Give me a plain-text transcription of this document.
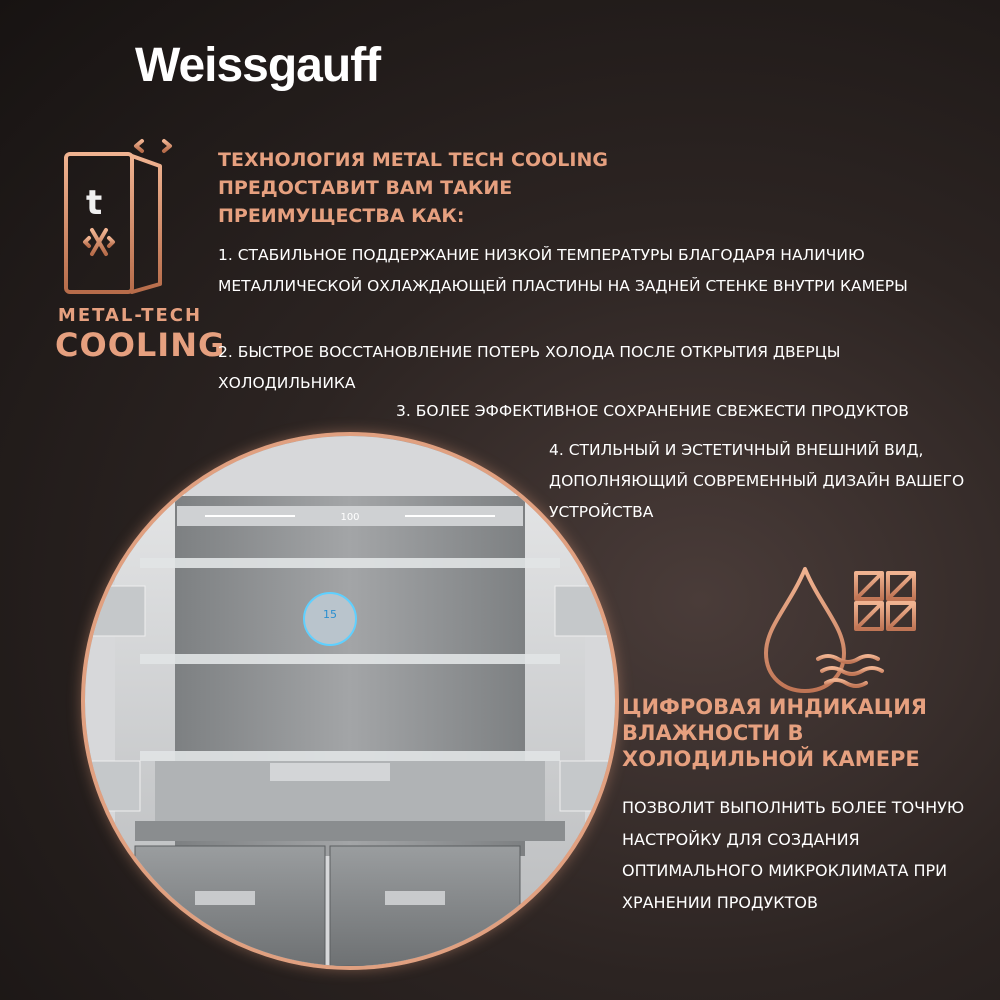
Weissgauff
t
METAL-TECH
COOLING
ТЕХНОЛОГИЯ METAL TECH COOLING ПРЕДОСТАВИТ ВАМ ТАКИЕ ПРЕИМУЩЕСТВА КАК:
1. СТАБИЛЬНОЕ ПОДДЕРЖАНИЕ НИЗКОЙ ТЕМПЕРАТУРЫ БЛАГОДАРЯ НАЛИЧИЮ МЕТАЛЛИЧЕСКОЙ ОХЛАЖДАЮЩЕЙ ПЛАСТИНЫ НА ЗАДНЕЙ СТЕНКЕ ВНУТРИ КАМЕРЫ
2. БЫСТРОЕ ВОССТАНОВЛЕНИЕ ПОТЕРЬ ХОЛОДА ПОСЛЕ ОТКРЫТИЯ ДВЕРЦЫ ХОЛОДИЛЬНИКА
3. БОЛЕЕ ЭФФЕКТИВНОЕ СОХРАНЕНИЕ СВЕЖЕСТИ ПРОДУКТОВ
4. СТИЛЬНЫЙ И ЭСТЕТИЧНЫЙ ВНЕШНИЙ ВИД, ДОПОЛНЯЮЩИЙ СОВРЕМЕННЫЙ ДИЗАЙН ВАШЕГО УСТРОЙСТВА
100
15
ЦИФРОВАЯ ИНДИКАЦИЯ ВЛАЖНОСТИ В ХОЛОДИЛЬНОЙ КАМЕРЕ
ПОЗВОЛИТ ВЫПОЛНИТЬ БОЛЕЕ ТОЧНУЮ НАСТРОЙКУ ДЛЯ СОЗДАНИЯ ОПТИМАЛЬНОГО МИКРОКЛИМАТА ПРИ ХРАНЕНИИ ПРОДУКТОВ
